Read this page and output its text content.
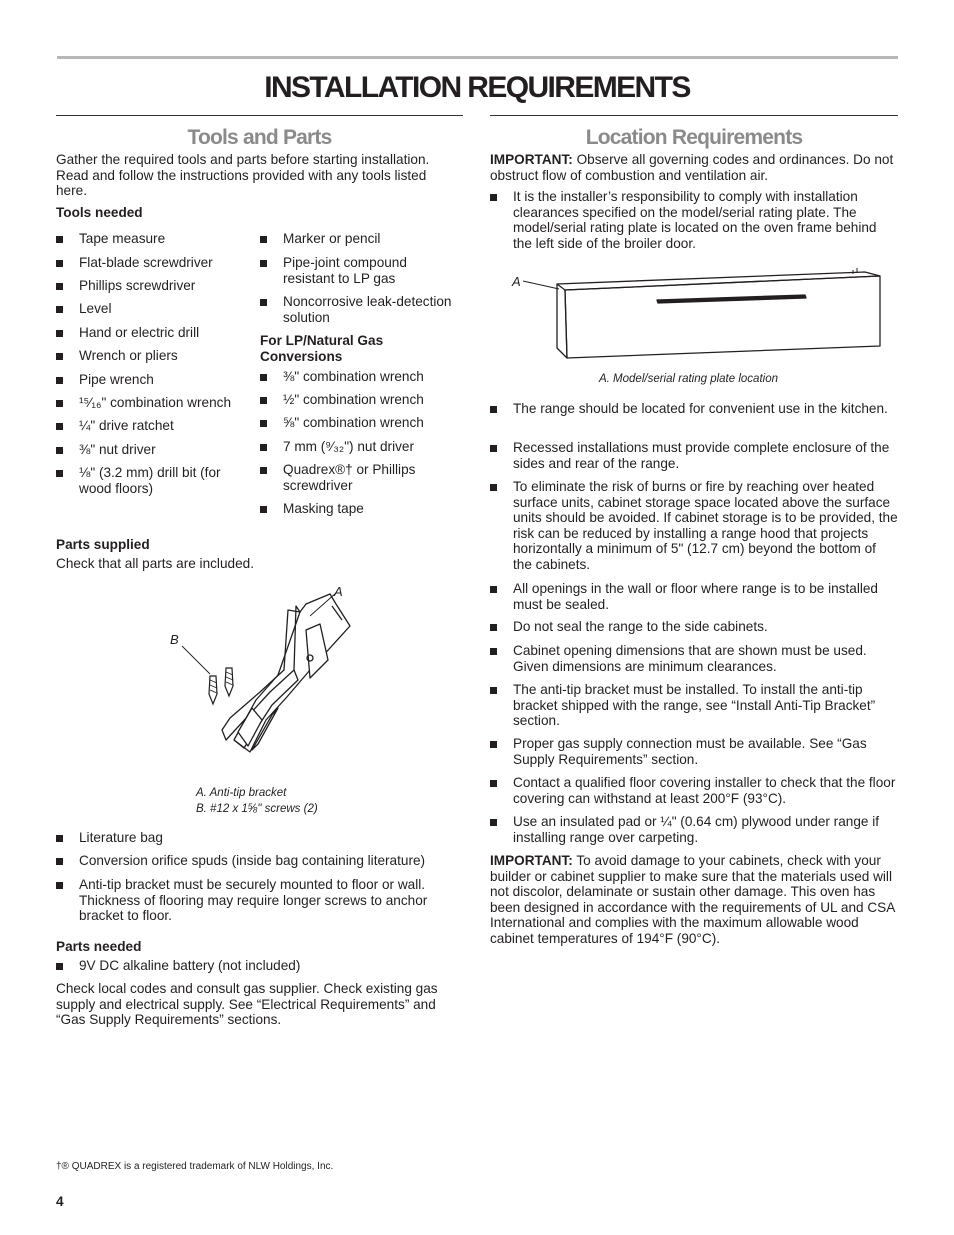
INSTALLATION REQUIREMENTS
Tools and Parts
Gather the required tools and parts before starting installation. Read and follow the instructions provided with any tools listed here.
Tools needed
Tape measure
Flat-blade screwdriver
Phillips screwdriver
Level
Hand or electric drill
Wrench or pliers
Pipe wrench
¹⁵⁄₁₆" combination wrench
¼" drive ratchet
⅜" nut driver
⅛" (3.2 mm) drill bit (for wood floors)
Marker or pencil
Pipe-joint compound resistant to LP gas
Noncorrosive leak-detection solution
For LP/Natural Gas Conversions
⅜" combination wrench
½" combination wrench
⅝" combination wrench
7 mm (⁹⁄₃₂") nut driver
Quadrex®† or Phillips screwdriver
Masking tape
Parts supplied
Check that all parts are included.
A
B
A. Anti-tip bracket
B. #12 x 1⅝" screws (2)
Literature bag
Conversion orifice spuds (inside bag containing literature)
Anti-tip bracket must be securely mounted to floor or wall. Thickness of flooring may require longer screws to anchor bracket to floor.
Parts needed
9V DC alkaline battery (not included)
Check local codes and consult gas supplier. Check existing gas supply and electrical supply. See “Electrical Requirements” and “Gas Supply Requirements” sections.
Location Requirements
IMPORTANT: Observe all governing codes and ordinances. Do not obstruct flow of combustion and ventilation air.
It is the installer’s responsibility to comply with installation clearances specified on the model/serial rating plate. The model/serial rating plate is located on the oven frame behind the left side of the broiler door.
A
A. Model/serial rating plate location
The range should be located for convenient use in the kitchen.
Recessed installations must provide complete enclosure of the sides and rear of the range.
To eliminate the risk of burns or fire by reaching over heated surface units, cabinet storage space located above the surface units should be avoided. If cabinet storage is to be provided, the risk can be reduced by installing a range hood that projects horizontally a minimum of 5" (12.7 cm) beyond the bottom of the cabinets.
All openings in the wall or floor where range is to be installed must be sealed.
Do not seal the range to the side cabinets.
Cabinet opening dimensions that are shown must be used. Given dimensions are minimum clearances.
The anti-tip bracket must be installed. To install the anti-tip bracket shipped with the range, see “Install Anti-Tip Bracket” section.
Proper gas supply connection must be available. See “Gas Supply Requirements” section.
Contact a qualified floor covering installer to check that the floor covering can withstand at least 200°F (93°C).
Use an insulated pad or ¼" (0.64 cm) plywood under range if installing range over carpeting.
IMPORTANT: To avoid damage to your cabinets, check with your builder or cabinet supplier to make sure that the materials used will not discolor, delaminate or sustain other damage. This oven has been designed in accordance with the requirements of UL and CSA International and complies with the maximum allowable wood cabinet temperatures of 194°F (90°C).
†® QUADREX is a registered trademark of NLW Holdings, Inc.
4
